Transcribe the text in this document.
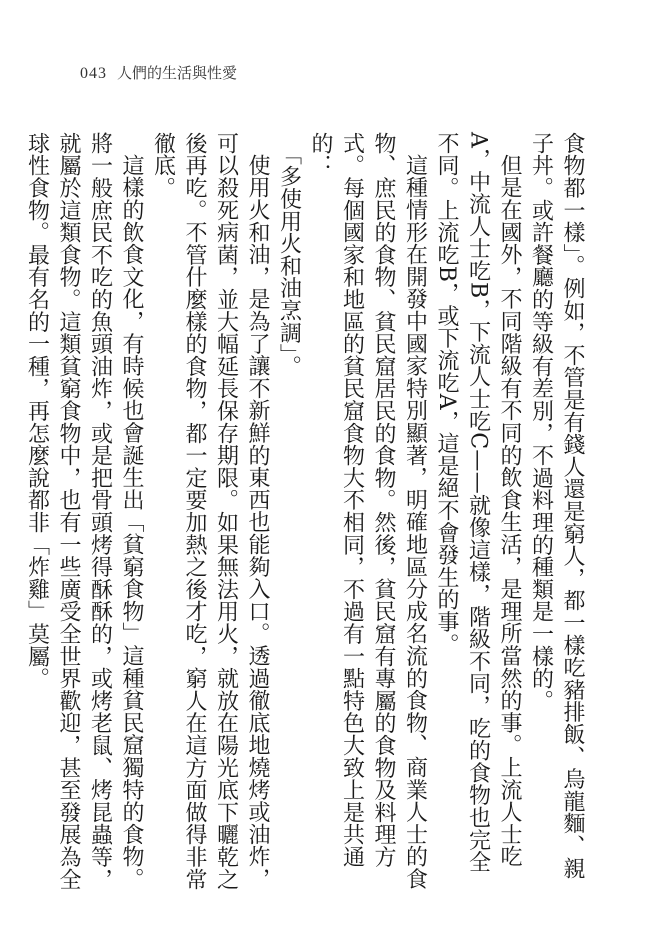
043 人們的生活與性愛

食物都一樣」。例如，不管是有錢人還是窮人，都一樣吃豬排飯、烏龍麵、親子丼。或許餐廳的等級有差別，不過料理的種類是一樣的。

但是在國外，不同階級有不同的飲食生活，是理所當然的事。上流人士吃A，中流人士吃B，下流人士吃C——就像這樣，階級不同，吃的食物也完全不同。上流吃B，或下流吃A，這是絕不會發生的事。

這種情形在開發中國家特別顯著，明確地區分成名流的食物、商業人士的食物、庶民的食物、貧民窟居民的食物。然後，貧民窟有專屬的食物及料理方式。每個國家和地區的貧民窟食物大不相同，不過有一點特色大致上是共通的：

「多使用火和油烹調」。

使用火和油，是為了讓不新鮮的東西也能夠入口。透過徹底地燒烤或油炸，可以殺死病菌，並大幅延長保存期限。如果無法用火，就放在陽光底下曬乾之後再吃。不管什麼樣的食物，都一定要加熱之後才吃，窮人在這方面做得非常徹底。

這樣的飲食文化，有時候也會誕生出「貧窮食物」這種貧民窟獨特的食物。將一般庶民不吃的魚頭油炸，或是把骨頭烤得酥酥的，或烤老鼠、烤昆蟲等，就屬於這類食物。這類貧窮食物中，也有一些廣受全世界歡迎，甚至發展為全球性食物。最有名的一種，再怎麼說都非「炸雞」莫屬。
